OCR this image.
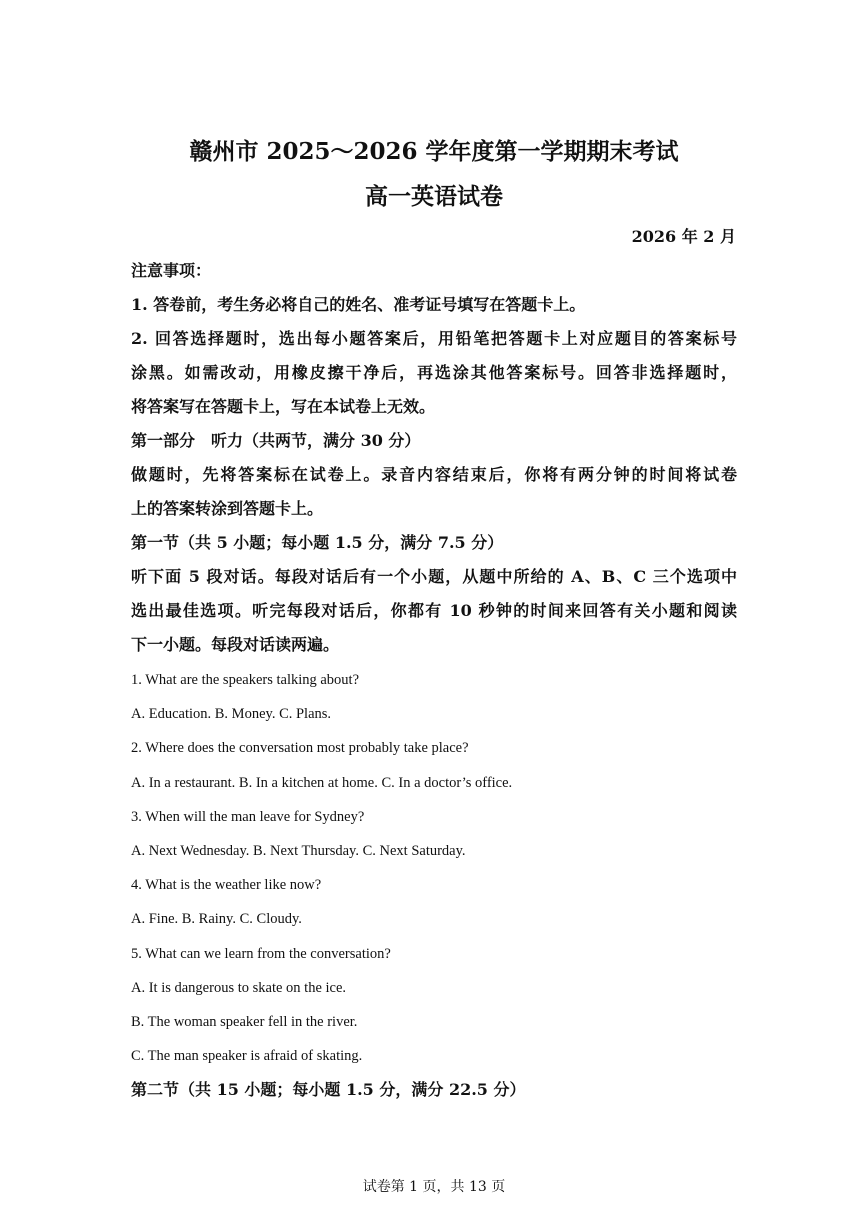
赣州市 2025～2026 学年度第一学期期末考试
高一英语试卷
2026 年 2 月

注意事项：

1. 答卷前，考生务必将自己的姓名、准考证号填写在答题卡上。

2. 回答选择题时，选出每小题答案后，用铅笔把答题卡上对应题目的答案标号

涂黑。如需改动，用橡皮擦干净后，再选涂其他答案标号。回答非选择题时，

将答案写在答题卡上，写在本试卷上无效。

第一部分　听力（共两节，满分 30 分）

做题时，先将答案标在试卷上。录音内容结束后，你将有两分钟的时间将试卷

上的答案转涂到答题卡上。

第一节（共 5 小题；每小题 1.5 分，满分 7.5 分）

听下面 5 段对话。每段对话后有一个小题，从题中所给的 A、B、C 三个选项中

选出最佳选项。听完每段对话后，你都有 10 秒钟的时间来回答有关小题和阅读

下一小题。每段对话读两遍。

1. What are the speakers talking about?

A. Education. B. Money. C. Plans.

2. Where does the conversation most probably take place?

A. In a restaurant. B. In a kitchen at home. C. In a doctor’s office.

3. When will the man leave for Sydney?

A. Next Wednesday. B. Next Thursday. C. Next Saturday.

4. What is the weather like now?

A. Fine. B. Rainy. C. Cloudy.

5. What can we learn from the conversation?

A. It is dangerous to skate on the ice.

B. The woman speaker fell in the river.

C. The man speaker is afraid of skating.

第二节（共 15 小题；每小题 1.5 分，满分 22.5 分）

试卷第 1 页，共 13 页
